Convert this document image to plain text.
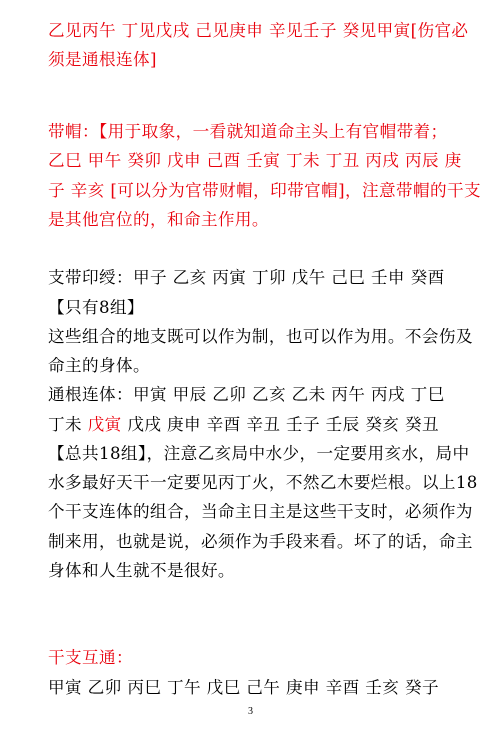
乙见丙午 丁见戊戌 己见庚申 辛见壬子 癸见甲寅[伤官必
须是通根连体]
带帽：【用于取象，一看就知道命主头上有官帽带着；
乙巳 甲午 癸卯 戊申 己酉 壬寅 丁未 丁丑 丙戌 丙辰 庚
子 辛亥 [可以分为官带财帽，印带官帽]，注意带帽的干支
是其他宫位的，和命主作用。
支带印绶：甲子 乙亥 丙寅 丁卯 戊午 己巳 壬申 癸酉
【只有8组】
这些组合的地支既可以作为制，也可以作为用。不会伤及
命主的身体。
通根连体：甲寅 甲辰 乙卯 乙亥 乙未 丙午 丙戌 丁巳
丁未 戊寅 戊戌 庚申 辛酉 辛丑 壬子 壬辰 癸亥 癸丑
【总共18组】，注意乙亥局中水少，一定要用亥水，局中
水多最好天干一定要见丙丁火，不然乙木要烂根。以上18
个干支连体的组合，当命主日主是这些干支时，必须作为
制来用，也就是说，必须作为手段来看。坏了的话，命主
身体和人生就不是很好。
干支互通：
甲寅 乙卯 丙巳 丁午 戊巳 己午 庚申 辛酉 壬亥 癸子
3
